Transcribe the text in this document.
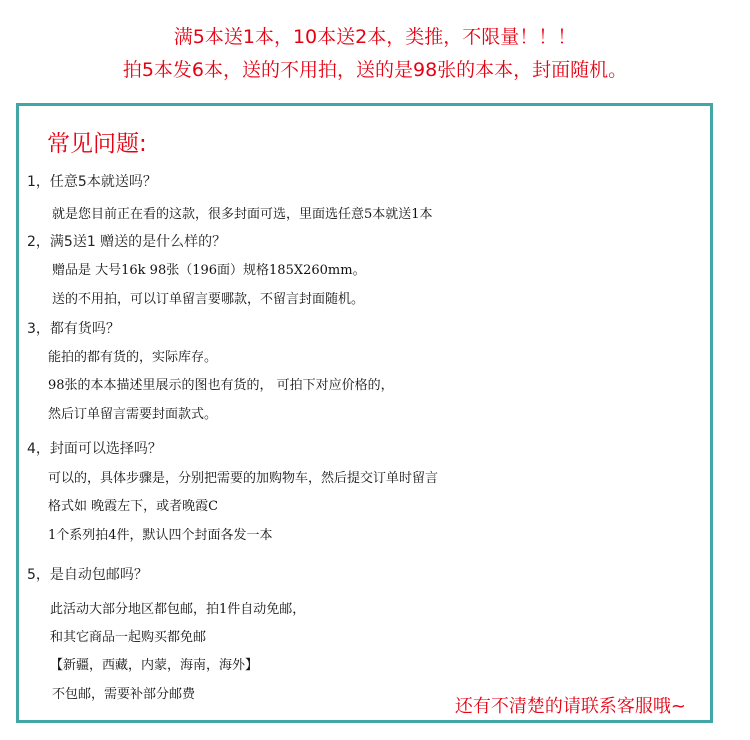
满5本送1本，10本送2本，类推，不限量！！！
拍5本发6本，送的不用拍，送的是98张的本本，封面随机。
常见问题:
1，任意5本就送吗？
就是您目前正在看的这款，很多封面可选，里面选任意5本就送1本
2，满5送1 赠送的是什么样的？
赠品是 大号16k 98张（196面）规格185X260mm。
送的不用拍，可以订单留言要哪款，不留言封面随机。
3，都有货吗？
能拍的都有货的，实际库存。
98张的本本描述里展示的图也有货的， 可拍下对应价格的，
然后订单留言需要封面款式。
4，封面可以选择吗？
可以的，具体步骤是，分别把需要的加购物车，然后提交订单时留言
格式如 晚霞左下，或者晚霞C
1个系列拍4件，默认四个封面各发一本
5，是自动包邮吗？
此活动大部分地区都包邮，拍1件自动免邮，
和其它商品一起购买都免邮
【新疆，西藏，内蒙，海南，海外】
不包邮，需要补部分邮费
还有不清楚的请联系客服哦~
